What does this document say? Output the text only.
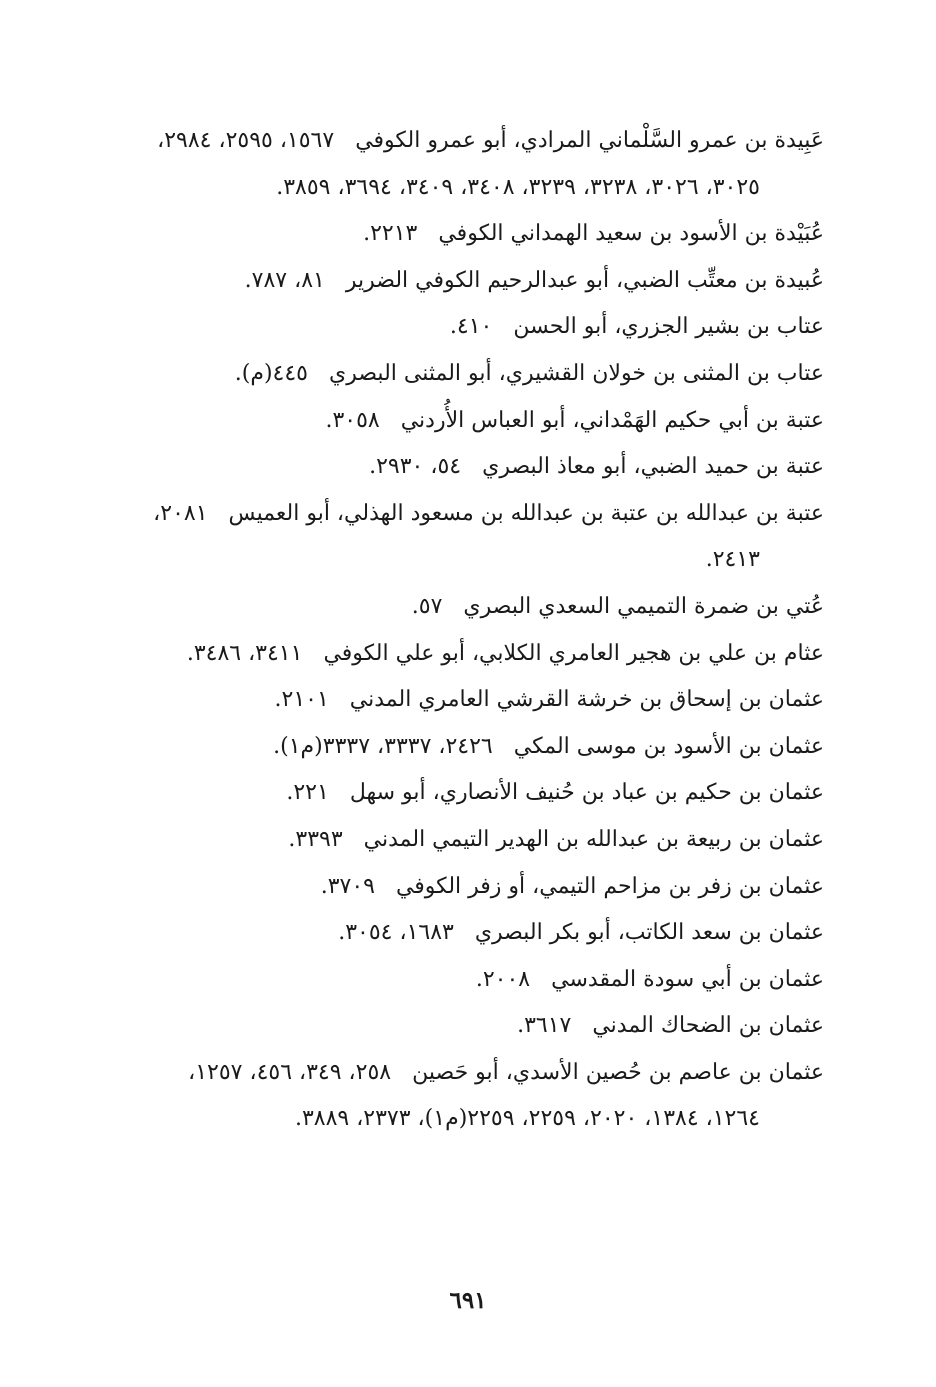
عَبِيدة بن عمرو السَّلْماني المرادي، أبو عمرو الكوفي ١٥٦٧، ٢٥٩٥، ٢٩٨٤، ٣٠٢٥، ٣٠٢٦، ٣٢٣٨، ٣٢٣٩، ٣٤٠٨، ٣٤٠٩، ٣٦٩٤، ٣٨٥٩.
عُبَيْدة بن الأسود بن سعيد الهمداني الكوفي ٢٢١٣.
عُبيدة بن معتِّب الضبي، أبو عبدالرحيم الكوفي الضرير ٨١، ٧٨٧.
عتاب بن بشير الجزري، أبو الحسن ٤١٠.
عتاب بن المثنى بن خولان القشيري، أبو المثنى البصري ٤٤٥(م).
عتبة بن أبي حكيم الهَمْداني، أبو العباس الأُردني ٣٠٥٨.
عتبة بن حميد الضبي، أبو معاذ البصري ٥٤، ٢٩٣٠.
عتبة بن عبدالله بن عتبة بن عبدالله بن مسعود الهذلي، أبو العميس ٢٠٨١، ٢٤١٣.
عُتي بن ضمرة التميمي السعدي البصري ٥٧.
عثام بن علي بن هجير العامري الكلابي، أبو علي الكوفي ٣٤١١، ٣٤٨٦.
عثمان بن إسحاق بن خرشة القرشي العامري المدني ٢١٠١.
عثمان بن الأسود بن موسى المكي ٢٤٢٦، ٣٣٣٧، ٣٣٣٧(م١).
عثمان بن حكيم بن عباد بن حُنيف الأنصاري، أبو سهل ٢٢١.
عثمان بن ربيعة بن عبدالله بن الهدير التيمي المدني ٣٣٩٣.
عثمان بن زفر بن مزاحم التيمي، أو زفر الكوفي ٣٧٠٩.
عثمان بن سعد الكاتب، أبو بكر البصري ١٦٨٣، ٣٠٥٤.
عثمان بن أبي سودة المقدسي ٢٠٠٨.
عثمان بن الضحاك المدني ٣٦١٧.
عثمان بن عاصم بن حُصين الأسدي، أبو حَصين ٢٥٨، ٣٤٩، ٤٥٦، ١٢٥٧، ١٢٦٤، ١٣٨٤، ٢٠٢٠، ٢٢٥٩، ٢٢٥٩(م١)، ٢٣٧٣، ٣٨٨٩.
٦٩١
